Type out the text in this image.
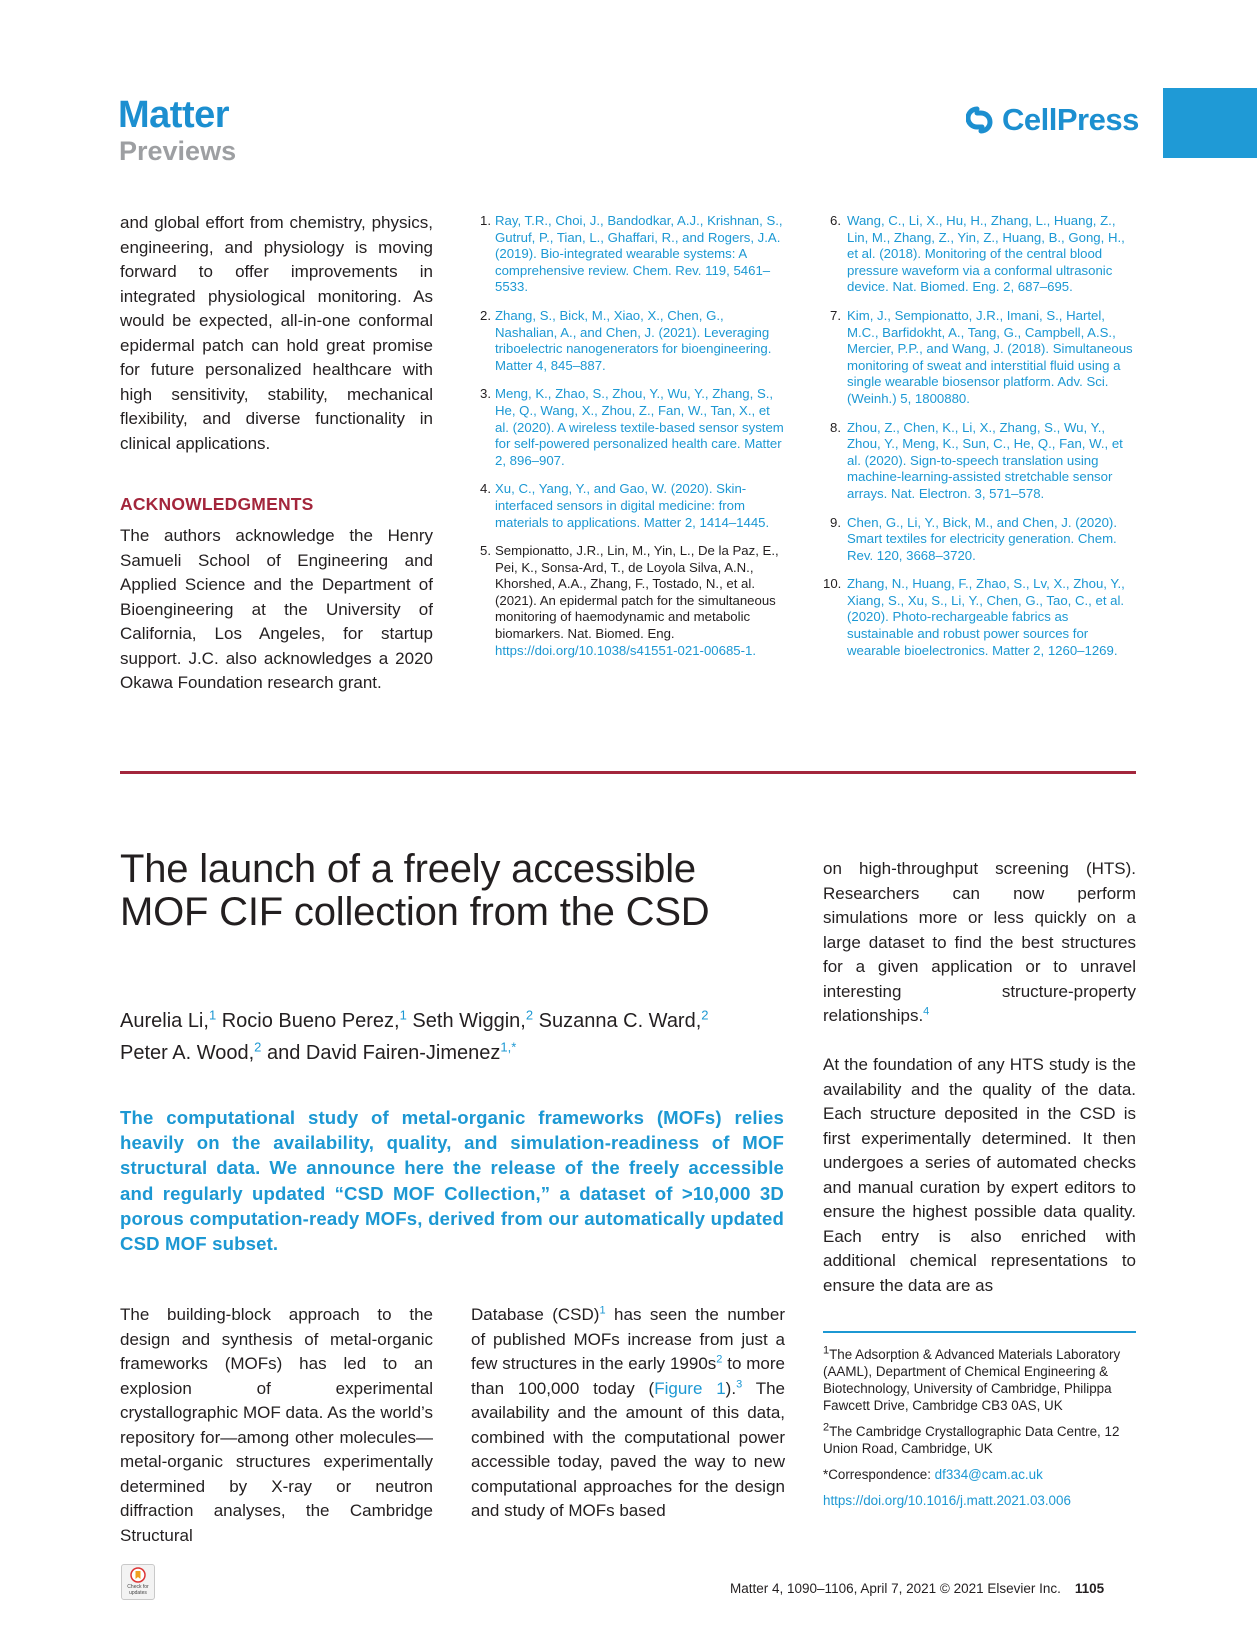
Matter
Previews
CellPress

and global effort from chemistry, physics, engineering, and physiology is moving forward to offer improvements in integrated physiological monitoring. As would be expected, all-in-one conformal epidermal patch can hold great promise for future personalized healthcare with high sensitivity, stability, mechanical flexibility, and diverse functionality in clinical applications.

ACKNOWLEDGMENTS

The authors acknowledge the Henry Samueli School of Engineering and Applied Science and the Department of Bioengineering at the University of California, Los Angeles, for startup support. J.C. also acknowledges a 2020 Okawa Foundation research grant.

1. Ray, T.R., Choi, J., Bandodkar, A.J., Krishnan, S., Gutruf, P., Tian, L., Ghaffari, R., and Rogers, J.A. (2019). Bio-integrated wearable systems: A comprehensive review. Chem. Rev. 119, 5461–5533.
2. Zhang, S., Bick, M., Xiao, X., Chen, G., Nashalian, A., and Chen, J. (2021). Leveraging triboelectric nanogenerators for bioengineering. Matter 4, 845–887.
3. Meng, K., Zhao, S., Zhou, Y., Wu, Y., Zhang, S., He, Q., Wang, X., Zhou, Z., Fan, W., Tan, X., et al. (2020). A wireless textile-based sensor system for self-powered personalized health care. Matter 2, 896–907.
4. Xu, C., Yang, Y., and Gao, W. (2020). Skin-interfaced sensors in digital medicine: from materials to applications. Matter 2, 1414–1445.
5. Sempionatto, J.R., Lin, M., Yin, L., De la Paz, E., Pei, K., Sonsa-Ard, T., de Loyola Silva, A.N., Khorshed, A.A., Zhang, F., Tostado, N., et al. (2021). An epidermal patch for the simultaneous monitoring of haemodynamic and metabolic biomarkers. Nat. Biomed. Eng. https://doi.org/10.1038/s41551-021-00685-1.
6. Wang, C., Li, X., Hu, H., Zhang, L., Huang, Z., Lin, M., Zhang, Z., Yin, Z., Huang, B., Gong, H., et al. (2018). Monitoring of the central blood pressure waveform via a conformal ultrasonic device. Nat. Biomed. Eng. 2, 687–695.
7. Kim, J., Sempionatto, J.R., Imani, S., Hartel, M.C., Barfidokht, A., Tang, G., Campbell, A.S., Mercier, P.P., and Wang, J. (2018). Simultaneous monitoring of sweat and interstitial fluid using a single wearable biosensor platform. Adv. Sci. (Weinh.) 5, 1800880.
8. Zhou, Z., Chen, K., Li, X., Zhang, S., Wu, Y., Zhou, Y., Meng, K., Sun, C., He, Q., Fan, W., et al. (2020). Sign-to-speech translation using machine-learning-assisted stretchable sensor arrays. Nat. Electron. 3, 571–578.
9. Chen, G., Li, Y., Bick, M., and Chen, J. (2020). Smart textiles for electricity generation. Chem. Rev. 120, 3668–3720.
10. Zhang, N., Huang, F., Zhao, S., Lv, X., Zhou, Y., Xiang, S., Xu, S., Li, Y., Chen, G., Tao, C., et al. (2020). Photo-rechargeable fabrics as sustainable and robust power sources for wearable bioelectronics. Matter 2, 1260–1269.
The launch of a freely accessible MOF CIF collection from the CSD
Aurelia Li,$^1$ Rocio Bueno Perez,$^1$ Seth Wiggin,$^2$ Suzanna C. Ward,$^2$
Peter A. Wood,$^2$ and David Fairen-Jimenez$^{1,*}$

The computational study of metal-organic frameworks (MOFs) relies heavily on the availability, quality, and simulation-readiness of MOF structural data. We announce here the release of the freely accessible and regularly updated “CSD MOF Collection,” a dataset of >10,000 3D porous computation-ready MOFs, derived from our automatically updated CSD MOF subset.

The building-block approach to the design and synthesis of metal-organic frameworks (MOFs) has led to an explosion of experimental crystallographic MOF data. As the world’s repository for—among other molecules—metal-organic structures experimentally determined by X-ray or neutron diffraction analyses, the Cambridge Structural

Database (CSD)$^1$ has seen the number of published MOFs increase from just a few structures in the early $1990s^2$ to more than 100,000 today (Figure 1).$^3$ The availability and the amount of this data, combined with the computational power accessible today, paved the way to new computational approaches for the design and study of MOFs based

on high-throughput screening (HTS). Researchers can now perform simulations more or less quickly on a large dataset to find the best structures for a given application or to unravel interesting structure-property relationships.$^4$

At the foundation of any HTS study is the availability and the quality of the data. Each structure deposited in the CSD is first experimentally determined. It then undergoes a series of automated checks and manual curation by expert editors to ensure the highest possible data quality. Each entry is also enriched with additional chemical representations to ensure the data are as

$^1$The Adsorption & Advanced Materials Laboratory (AAML), Department of Chemical Engineering & Biotechnology, University of Cambridge, Philippa Fawcett Drive, Cambridge CB3 0AS, UK

$^2$The Cambridge Crystallographic Data Centre, 12 Union Road, Cambridge, UK

*Correspondence: df334@cam.ac.uk

https://doi.org/10.1016/j.matt.2021.03.006

Check for updates	Matter 4, 1090–1106, April 7, 2021 © 2021 Elsevier Inc. 1105
